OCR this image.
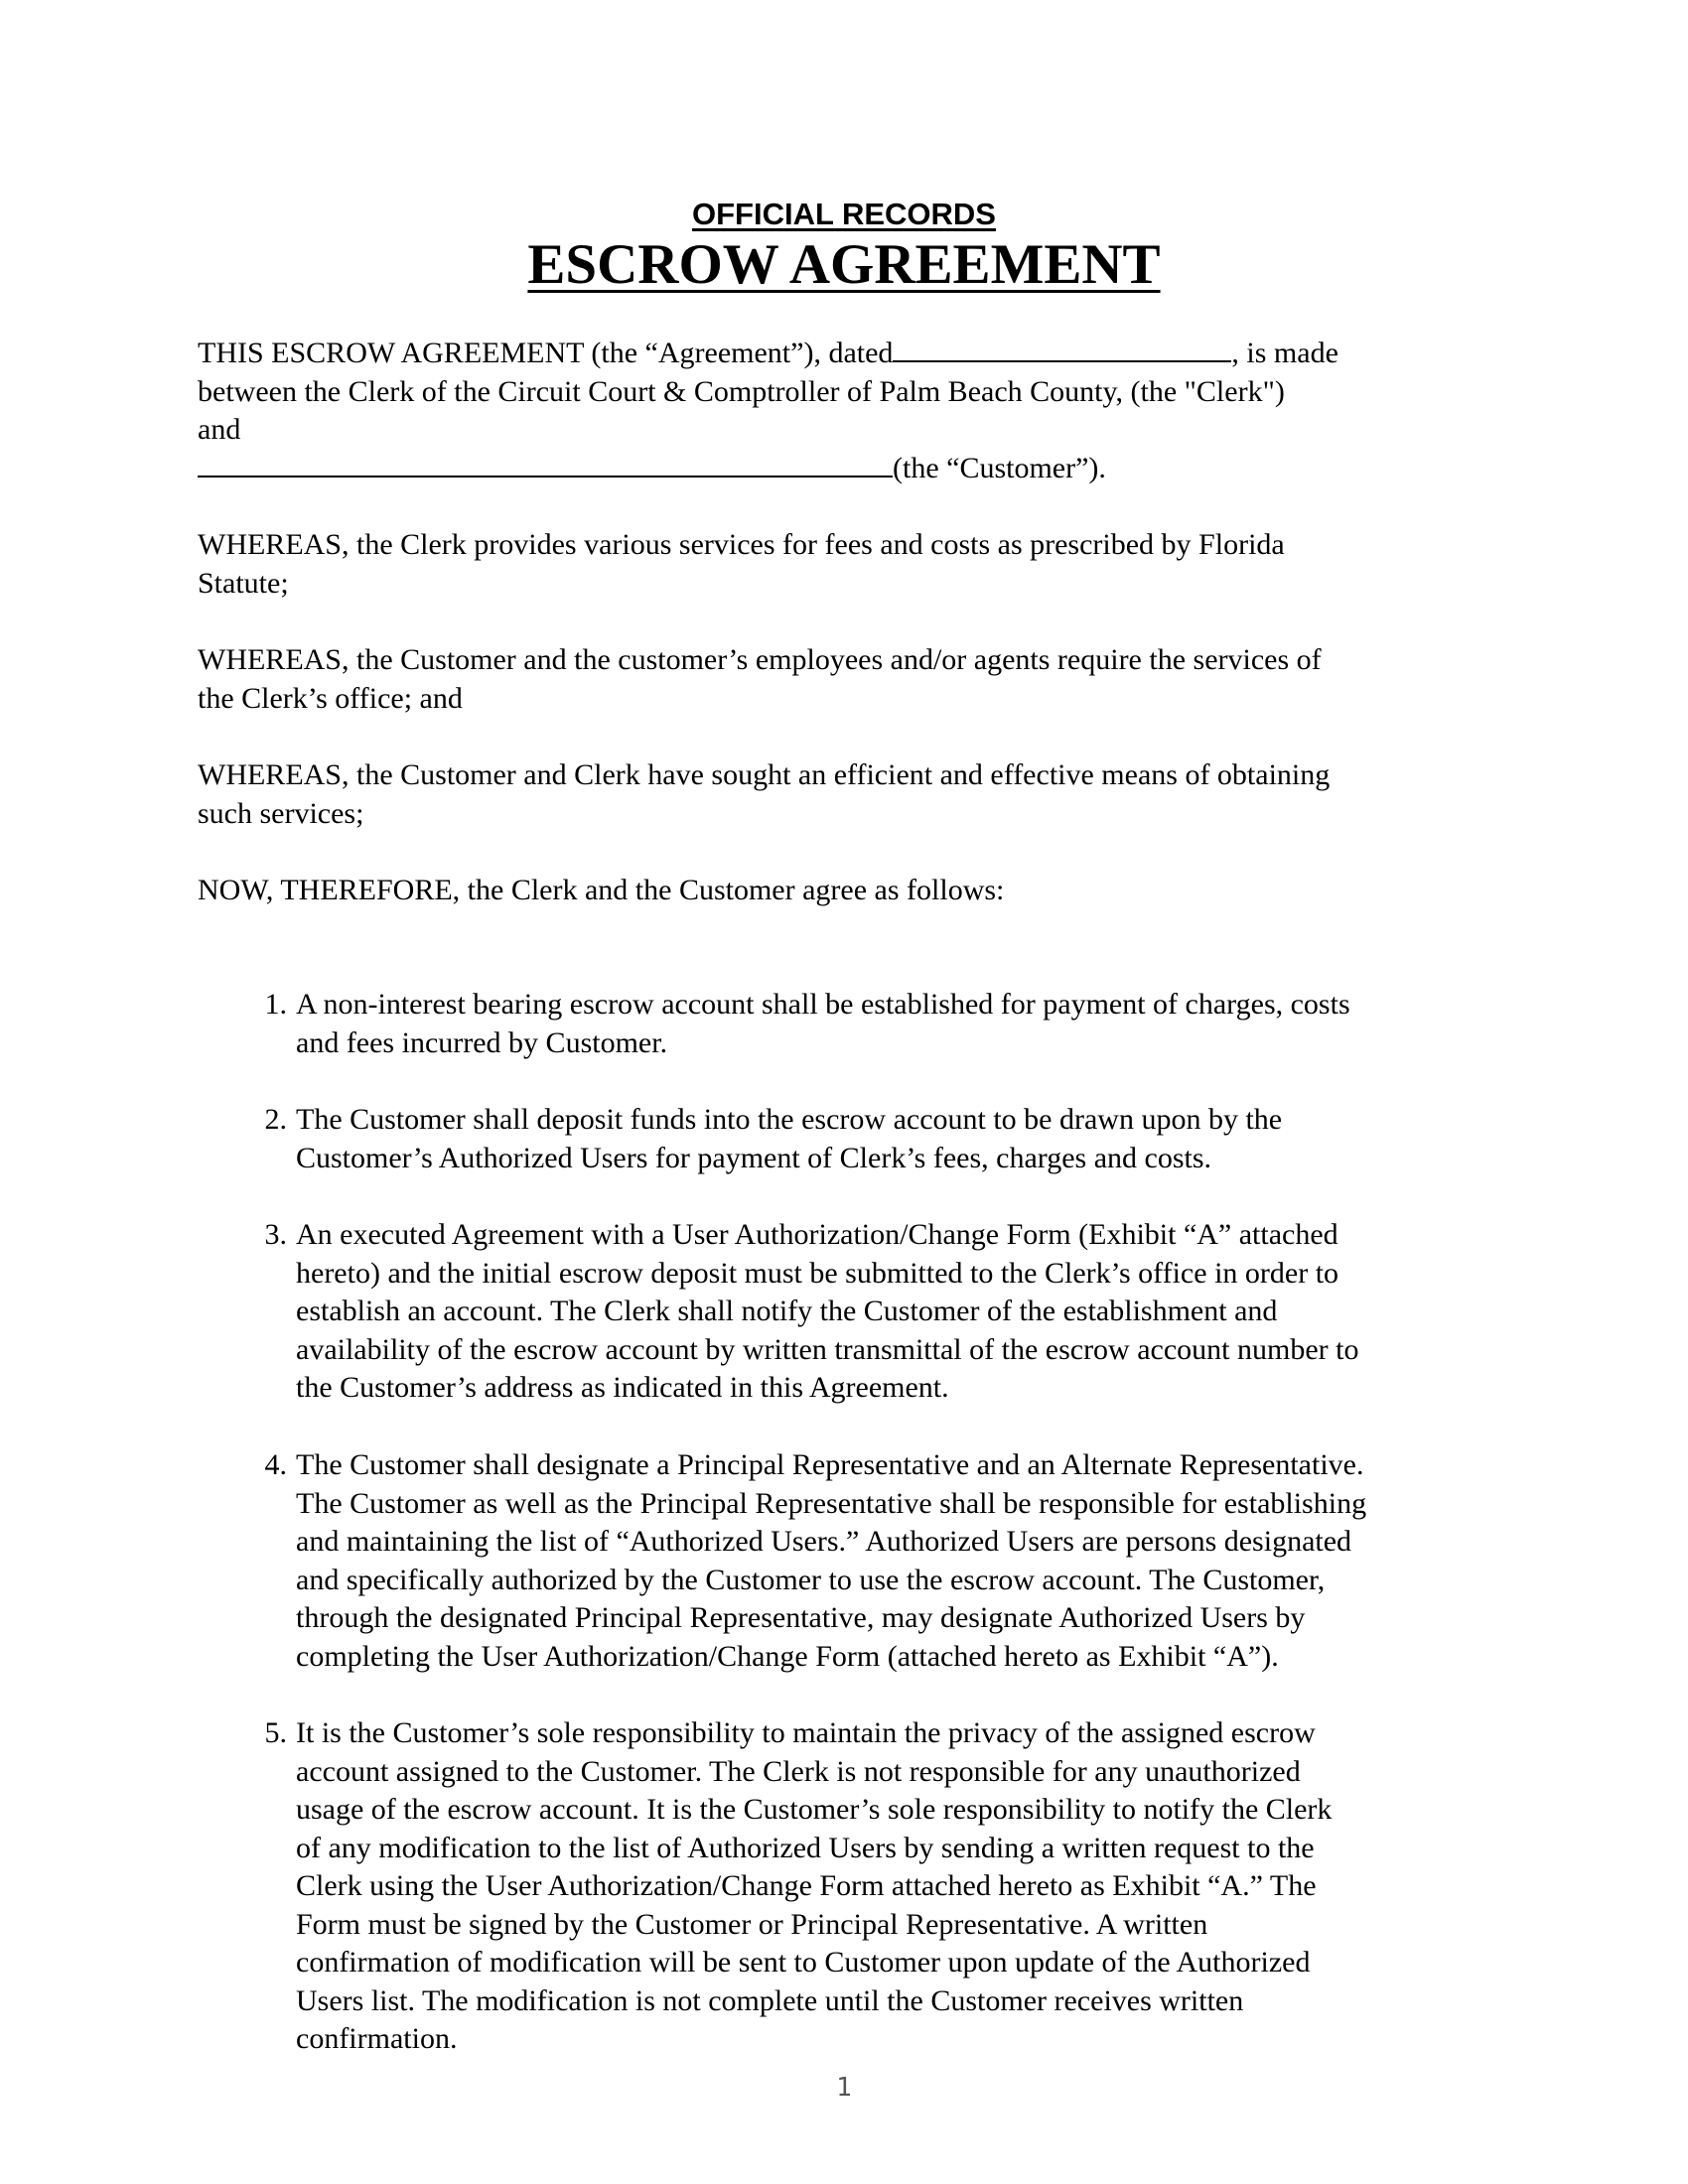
OFFICIAL RECORDS
ESCROW AGREEMENT
THIS ESCROW AGREEMENT (the “Agreement”), dated	, is made
between the Clerk of the Circuit Court & Comptroller of Palm Beach County, (the "Clerk")
and
(the “Customer”).
WHEREAS, the Clerk provides various services for fees and costs as prescribed by Florida
Statute;
WHEREAS, the Customer and the customer’s employees and/or agents require the services of
the Clerk’s office; and
WHEREAS, the Customer and Clerk have sought an efficient and effective means of obtaining
such services;
NOW, THEREFORE, the Clerk and the Customer agree as follows:
1. A non-interest bearing escrow account shall be established for payment of charges, costs
and fees incurred by Customer.
2. The Customer shall deposit funds into the escrow account to be drawn upon by the
Customer’s Authorized Users for payment of Clerk’s fees, charges and costs.
3. An executed Agreement with a User Authorization/Change Form (Exhibit “A” attached
hereto) and the initial escrow deposit must be submitted to the Clerk’s office in order to
establish an account. The Clerk shall notify the Customer of the establishment and
availability of the escrow account by written transmittal of the escrow account number to
the Customer’s address as indicated in this Agreement.
4. The Customer shall designate a Principal Representative and an Alternate Representative.
The Customer as well as the Principal Representative shall be responsible for establishing
and maintaining the list of “Authorized Users.” Authorized Users are persons designated
and specifically authorized by the Customer to use the escrow account. The Customer,
through the designated Principal Representative, may designate Authorized Users by
completing the User Authorization/Change Form (attached hereto as Exhibit “A”).
5. It is the Customer’s sole responsibility to maintain the privacy of the assigned escrow
account assigned to the Customer. The Clerk is not responsible for any unauthorized
usage of the escrow account. It is the Customer’s sole responsibility to notify the Clerk
of any modification to the list of Authorized Users by sending a written request to the
Clerk using the User Authorization/Change Form attached hereto as Exhibit “A.” The
Form must be signed by the Customer or Principal Representative. A written
confirmation of modification will be sent to Customer upon update of the Authorized
Users list. The modification is not complete until the Customer receives written
confirmation.
1
